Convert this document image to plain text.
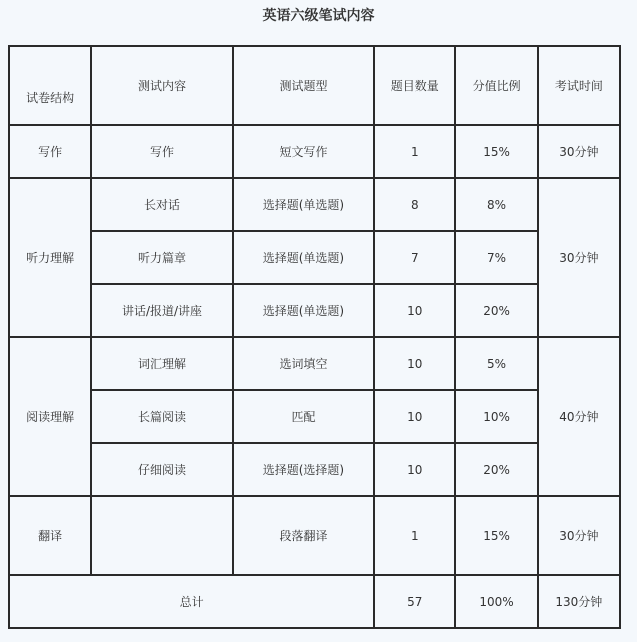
英语六级笔试内容
试卷结构	测试内容	测试题型	题目数量	分值比例	考试时间
写作	写作	短文写作	1	15%	30分钟
听力理解	长对话	选择题(单选题)	8	8%	30分钟
	听力篇章	选择题(单选题)	7	7%	
	讲话/报道/讲座	选择题(单选题)	10	20%	
阅读理解	词汇理解	选词填空	10	5%	40分钟
	长篇阅读	匹配	10	10%	
	仔细阅读	选择题(选择题)	10	20%	
翻译		段落翻译	1	15%	30分钟
总计			57	100%	130分钟
